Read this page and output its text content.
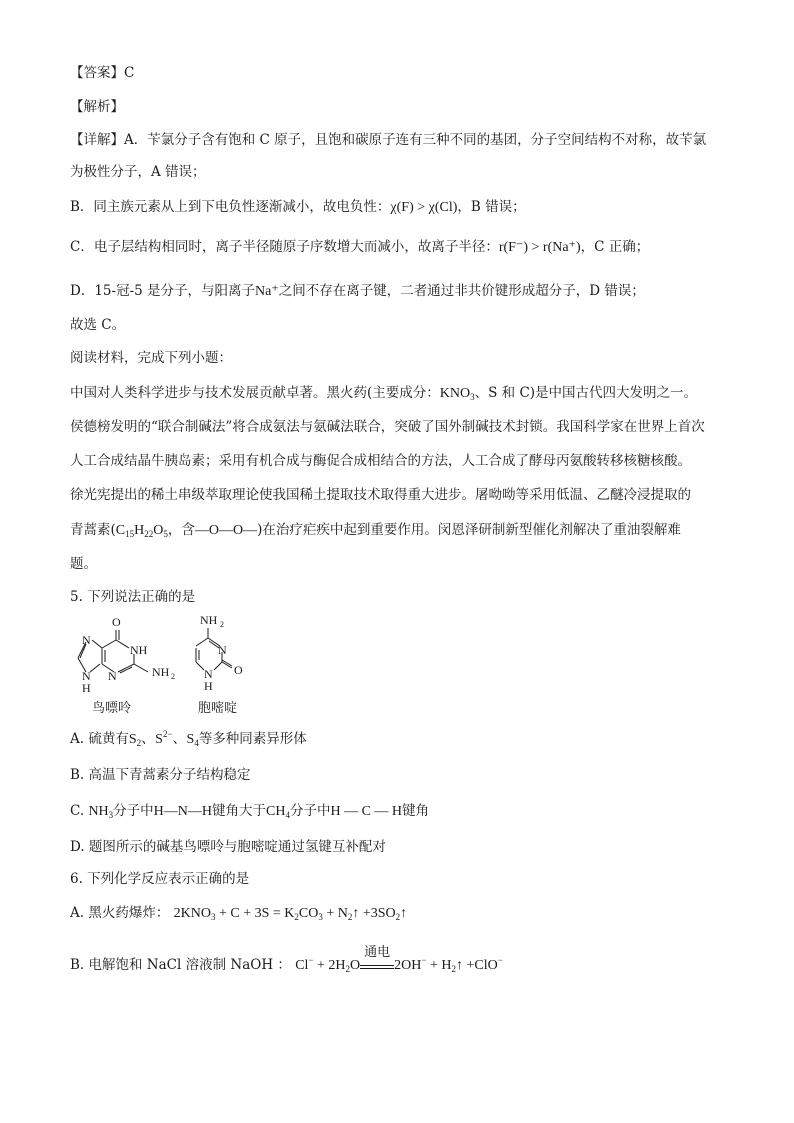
【答案】C
【解析】
【详解】A．苄氯分子含有饱和 C 原子，且饱和碳原子连有三种不同的基团，分子空间结构不对称，故苄氯
为极性分子，A 错误；
B．同主族元素从上到下电负性逐渐减小，故电负性：χ(F) > χ(Cl)，B 错误；
C．电子层结构相同时，离子半径随原子序数增大而减小，故离子半径：r(F⁻) > r(Na⁺)，C 正确；
D．15-冠-5 是分子，与阳离子Na⁺之间不存在离子键，二者通过非共价键形成超分子，D 错误；
故选 C。
阅读材料，完成下列小题：
中国对人类科学进步与技术发展贡献卓著。黑火药(主要成分：$KNO_3$、S 和 C)是中国古代四大发明之一。
侯德榜发明的“联合制碱法”将合成氨法与氨碱法联合，突破了国外制碱技术封锁。我国科学家在世界上首次
人工合成结晶牛胰岛素；采用有机合成与酶促合成相结合的方法，人工合成了酵母丙氨酸转移核糖核酸。
徐光宪提出的稀土串级萃取理论使我国稀土提取技术取得重大进步。屠呦呦等采用低温、乙醚冷浸提取的
青蒿素($C_{15}H_{22}O_5$，含—O—O—)在治疗疟疾中起到重要作用。闵恩泽研制新型催化剂解决了重油裂解难
题。
5. 下列说法正确的是
O
N
NH
N	NH 2
N
H
鸟嘌呤
NH 2
N
O
N
H
胞嘧啶
A. 硫黄有$S_2$、$S^{2-}$、$S_4$等多种同素异形体
B. 高温下青蒿素分子结构稳定
C. $NH_3$分子中H—N—H键角大于$CH_4$分子中H — C — H键角
D. 题图所示的碱基鸟嘌呤与胞嘧啶通过氢键互补配对
6. 下列化学反应表示正确的是
A. 黑火药爆炸： $2KNO_3 + C + 3S = K_2CO_3$ + $N_2↑$ $+3SO_2↑$
B. 电解饱和 NaCl 溶液制 NaOH ： $Cl^- + 2H_2O$
通电
$2OH^- + H_2↑ +ClO^-$
